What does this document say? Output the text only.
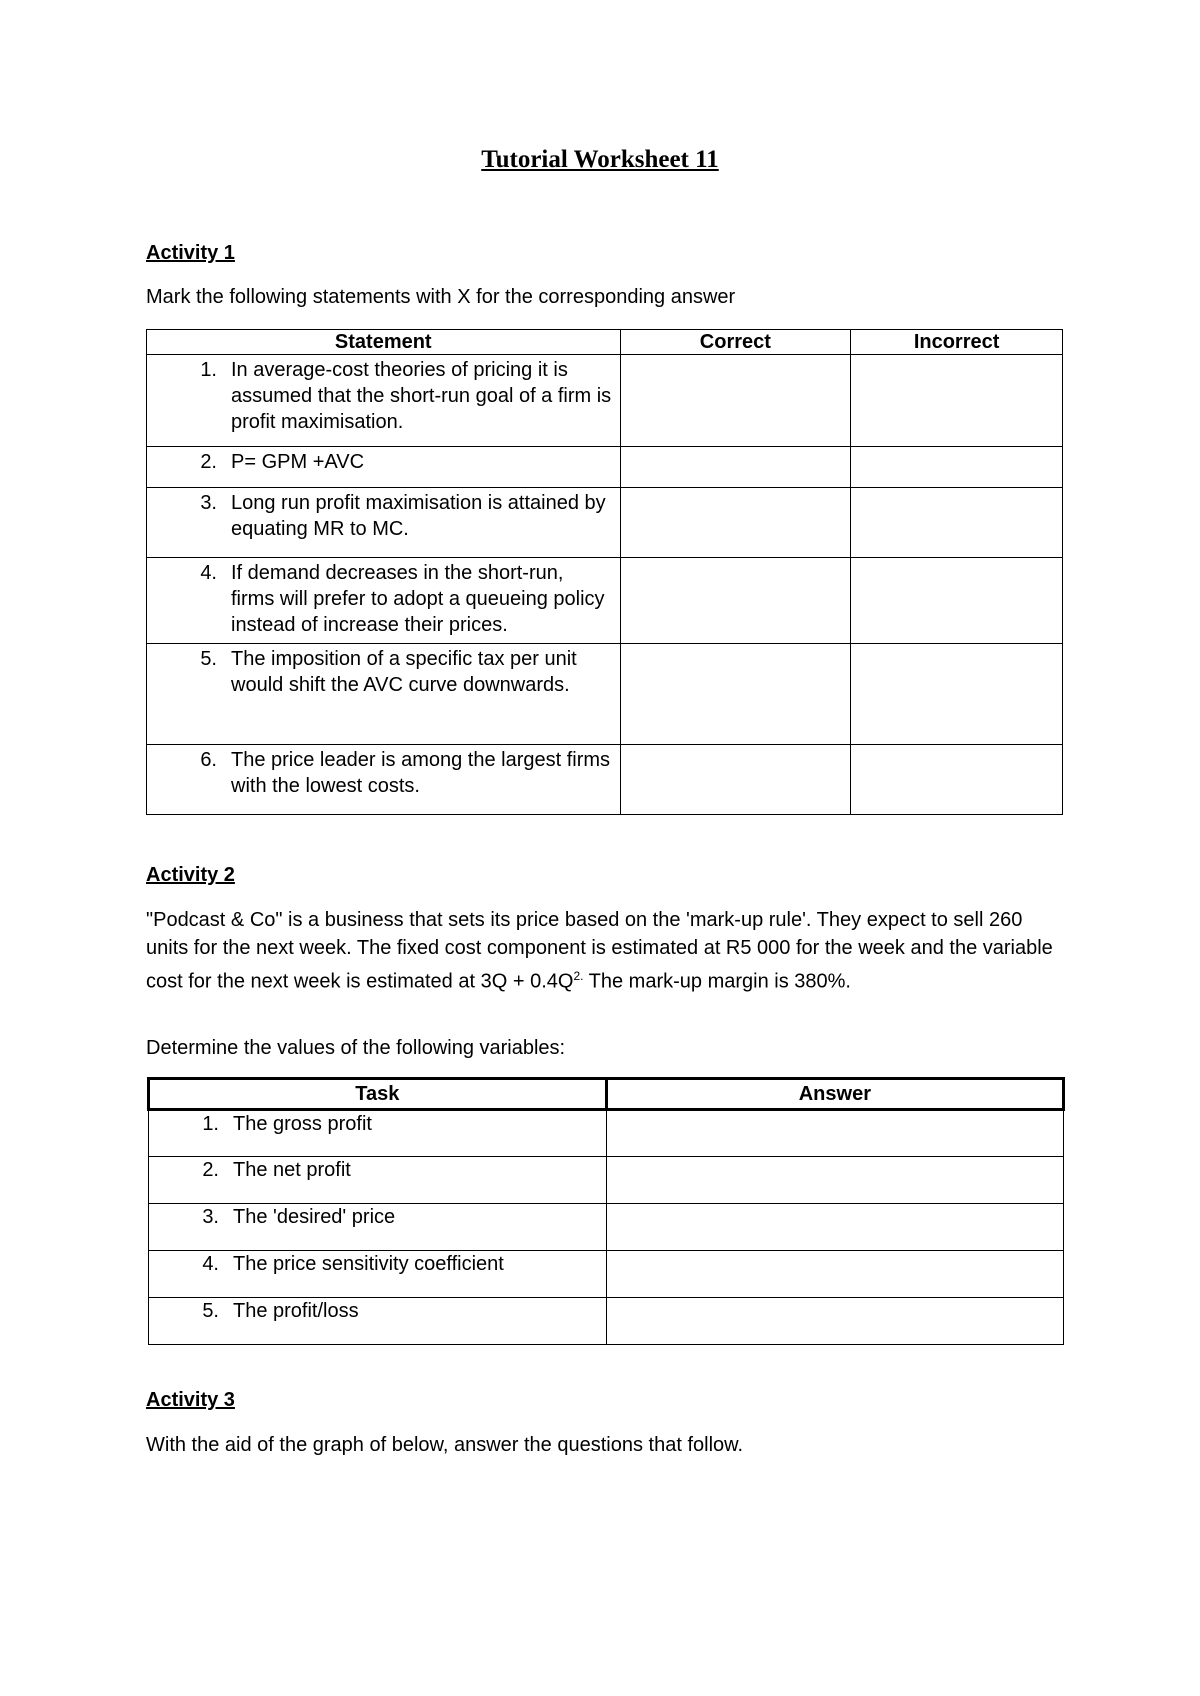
Tutorial Worksheet 11
Activity 1
Mark the following statements with X for the corresponding answer
Statement	Correct	Incorrect

1. In average-cost theories of pricing it is assumed that the short-run goal of a firm is profit maximisation.		

2. P= GPM +AVC		

3. Long run profit maximisation is attained by equating MR to MC.		

4. If demand decreases in the short-run, firms will prefer to adopt a queueing policy instead of increase their prices.		

5. The imposition of a specific tax per unit would shift the AVC curve downwards.		

6. The price leader is among the largest firms with the lowest costs.		

Activity 2
"Podcast & Co" is a business that sets its price based on the 'mark-up rule'. They expect to sell 260 units for the next week. The fixed cost component is estimated at R5 000 for the week and the variable cost for the next week is estimated at $3Q + 0.4Q^{2.}$ The mark-up margin is 380%.
Determine the values of the following variables:
Task	Answer

1. The gross profit	

2. The net profit	

3. The 'desired' price	

4. The price sensitivity coefficient	

5. The profit/loss	

Activity 3
With the aid of the graph of below, answer the questions that follow.
